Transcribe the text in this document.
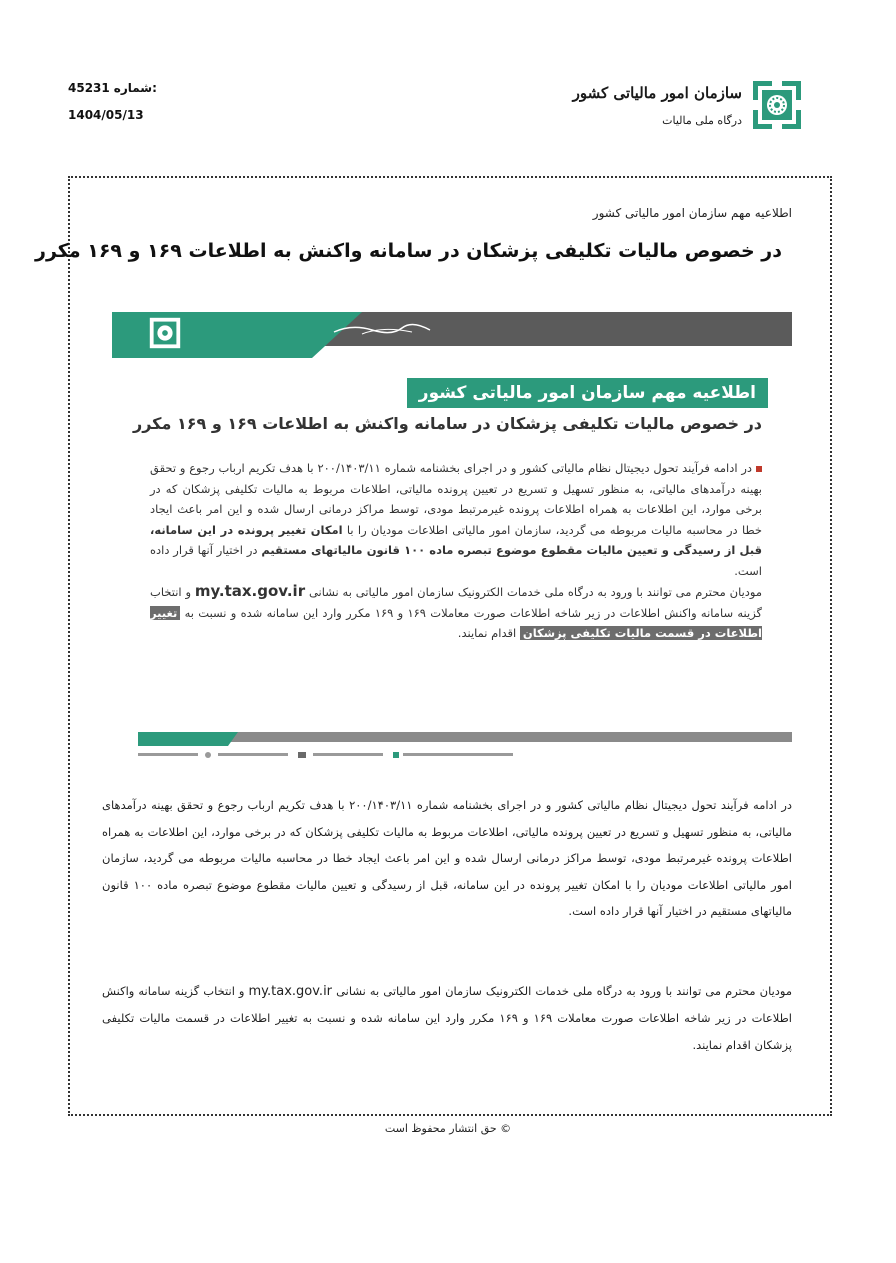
45231 شماره:
1404/05/13
سازمان امور مالیاتی کشور
درگاه ملی مالیات
اطلاعیه مهم سازمان امور مالیاتی کشور
در خصوص مالیات تکلیفی پزشکان در سامانه واکنش به اطلاعات ۱۶۹ و ۱۶۹ مکرر
اطلاعیه مهم سازمان امور مالیاتی کشور
در خصوص مالیات تکلیفی پزشکان در سامانه واکنش به اطلاعات ۱۶۹ و ۱۶۹ مکرر

در ادامه فرآیند تحول دیجیتال نظام مالیاتی کشور و در اجرای بخشنامه شماره ۲۰۰/۱۴۰۳/۱۱ با هدف تکریم ارباب رجوع و تحقق بهینه درآمدهای مالیاتی، به منظور تسهیل و تسریع در تعیین پرونده مالیاتی، اطلاعات مربوط به مالیات تکلیفی پزشکان که در برخی موارد، این اطلاعات به همراه اطلاعات پرونده غیرمرتبط مودی، توسط مراکز درمانی ارسال شده و این امر باعث ایجاد خطا در محاسبه مالیات مربوطه می گردید، سازمان امور مالیاتی اطلاعات مودیان را با امکان تغییر پرونده در این سامانه، قبل از رسیدگی و تعیین مالیات مقطوع موضوع تبصره ماده ۱۰۰ قانون مالیاتهای مستقیم در اختیار آنها قرار داده است.

مودیان محترم می توانند با ورود به درگاه ملی خدمات الکترونیک سازمان امور مالیاتی به نشانی my.tax.gov.ir و انتخاب گزینه سامانه واکنش اطلاعات در زیر شاخه اطلاعات صورت معاملات ۱۶۹ و ۱۶۹ مکرر وارد این سامانه شده و نسبت به تغییر اطلاعات در قسمت مالیات تکلیفی پزشکان اقدام نمایند.

در ادامه فرآیند تحول دیجیتال نظام مالیاتی کشور و در اجرای بخشنامه شماره ۲۰۰/۱۴۰۳/۱۱ با هدف تکریم ارباب رجوع و تحقق بهینه درآمدهای مالیاتی، به منظور تسهیل و تسریع در تعیین پرونده مالیاتی، اطلاعات مربوط به مالیات تکلیفی پزشکان که در برخی موارد، این اطلاعات به همراه اطلاعات پرونده غیرمرتبط مودی، توسط مراکز درمانی ارسال شده و این امر باعث ایجاد خطا در محاسبه مالیات مربوطه می گردید، سازمان امور مالیاتی اطلاعات مودیان را با امکان تغییر پرونده در این سامانه، قبل از رسیدگی و تعیین مالیات مقطوع موضوع تبصره ماده ۱۰۰ قانون مالیاتهای مستقیم در اختیار آنها قرار داده است.

مودیان محترم می توانند با ورود به درگاه ملی خدمات الکترونیک سازمان امور مالیاتی به نشانی my.tax.gov.ir و انتخاب گزینه سامانه واکنش اطلاعات در زیر شاخه اطلاعات صورت معاملات ۱۶۹ و ۱۶۹ مکرر وارد این سامانه شده و نسبت به تغییر اطلاعات در قسمت مالیات تکلیفی پزشکان اقدام نمایند.

© حق انتشار محفوظ است
